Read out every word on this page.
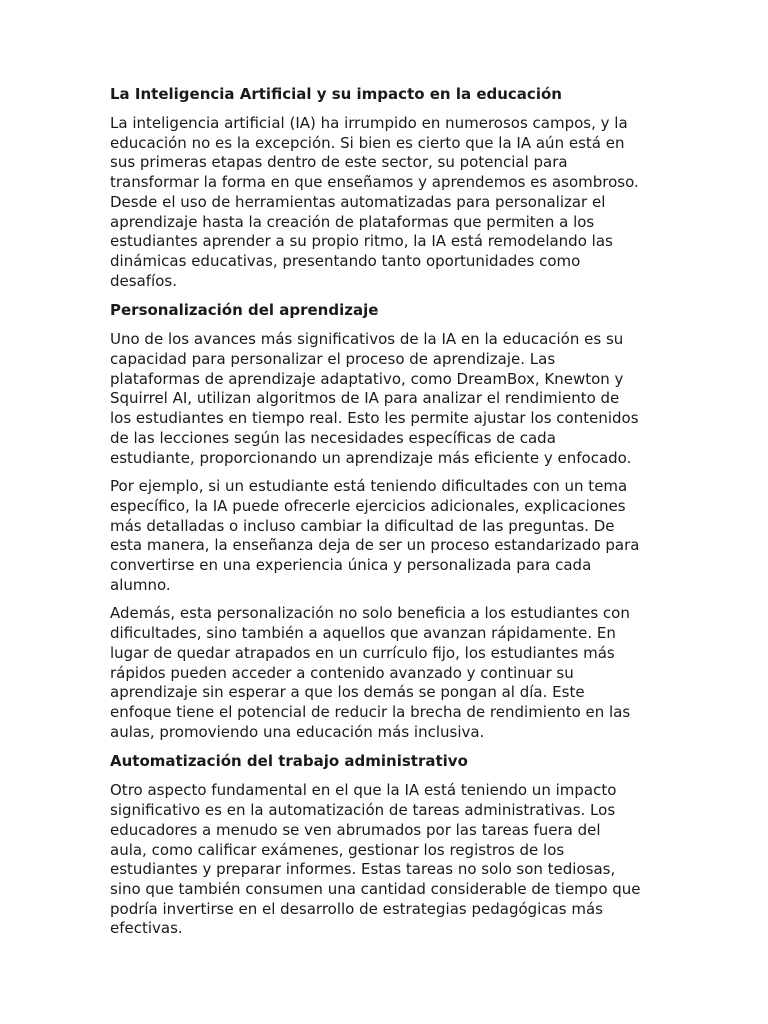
La Inteligencia Artificial y su impacto en la educación
La inteligencia artificial (IA) ha irrumpido en numerosos campos, y la
educación no es la excepción. Si bien es cierto que la IA aún está en
sus primeras etapas dentro de este sector, su potencial para
transformar la forma en que enseñamos y aprendemos es asombroso.
Desde el uso de herramientas automatizadas para personalizar el
aprendizaje hasta la creación de plataformas que permiten a los
estudiantes aprender a su propio ritmo, la IA está remodelando las
dinámicas educativas, presentando tanto oportunidades como
desafíos.
Personalización del aprendizaje
Uno de los avances más significativos de la IA en la educación es su
capacidad para personalizar el proceso de aprendizaje. Las
plataformas de aprendizaje adaptativo, como DreamBox, Knewton y
Squirrel AI, utilizan algoritmos de IA para analizar el rendimiento de
los estudiantes en tiempo real. Esto les permite ajustar los contenidos
de las lecciones según las necesidades específicas de cada
estudiante, proporcionando un aprendizaje más eficiente y enfocado.
Por ejemplo, si un estudiante está teniendo dificultades con un tema
específico, la IA puede ofrecerle ejercicios adicionales, explicaciones
más detalladas o incluso cambiar la dificultad de las preguntas. De
esta manera, la enseñanza deja de ser un proceso estandarizado para
convertirse en una experiencia única y personalizada para cada
alumno.
Además, esta personalización no solo beneficia a los estudiantes con
dificultades, sino también a aquellos que avanzan rápidamente. En
lugar de quedar atrapados en un currículo fijo, los estudiantes más
rápidos pueden acceder a contenido avanzado y continuar su
aprendizaje sin esperar a que los demás se pongan al día. Este
enfoque tiene el potencial de reducir la brecha de rendimiento en las
aulas, promoviendo una educación más inclusiva.
Automatización del trabajo administrativo
Otro aspecto fundamental en el que la IA está teniendo un impacto
significativo es en la automatización de tareas administrativas. Los
educadores a menudo se ven abrumados por las tareas fuera del
aula, como calificar exámenes, gestionar los registros de los
estudiantes y preparar informes. Estas tareas no solo son tediosas,
sino que también consumen una cantidad considerable de tiempo que
podría invertirse en el desarrollo de estrategias pedagógicas más
efectivas.
